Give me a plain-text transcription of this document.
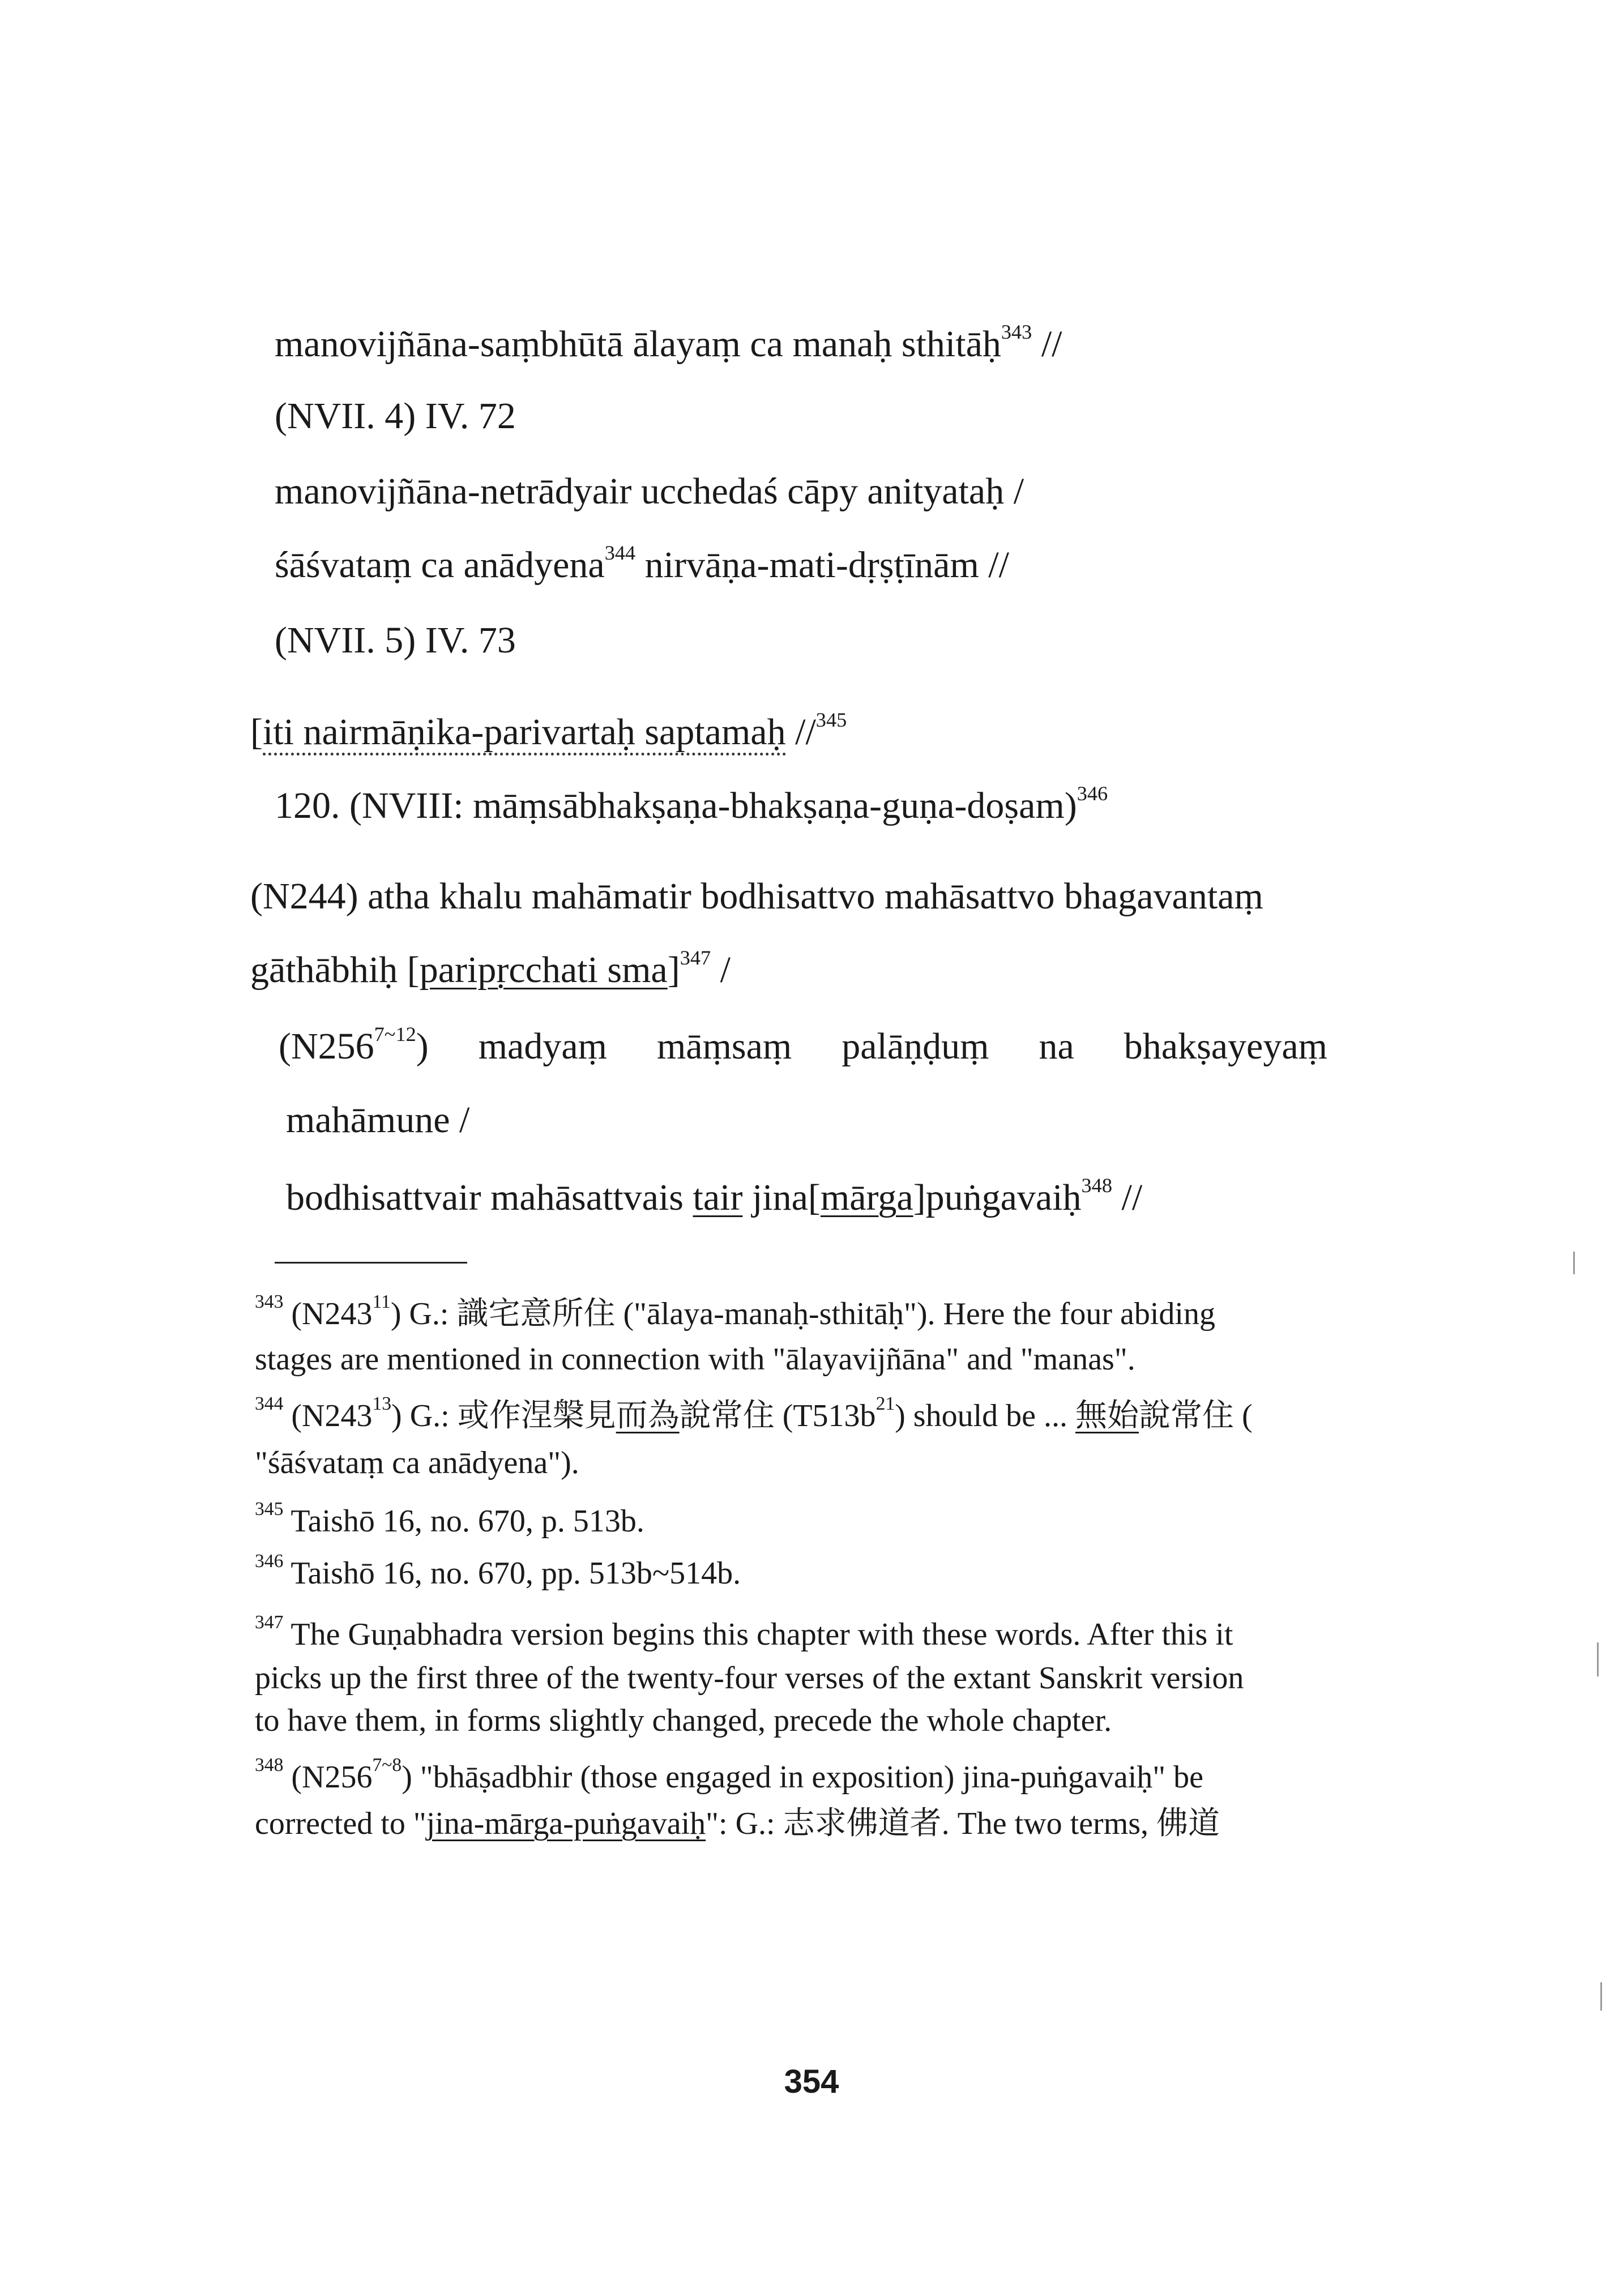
manovijñāna-saṃbhūtā ālayaṃ ca manaḥ sthitāḥ$^{343}$ //
(NVII. 4) IV. 72
manovijñāna-netrādyair ucchedaś cāpy anityataḥ /
śāśvataṃ ca anādyena$^{344}$ nirvāṇa-mati-dṛṣṭīnām //
(NVII. 5) IV. 73
[iti nairmāṇika-parivartaḥ saptamaḥ //$^{345}$
120. (NVIII: māṃsābhakṣaṇa-bhakṣaṇa-guṇa-doṣam)$^{346}$
(N244) atha khalu mahāmatir bodhisattvo mahāsattvo bhagavantaṃ
gāthābhiḥ [paripṛcchati sma]$^{347}$ /
$(N256^{7\sim 12})$ madyaṃ māṃsaṃ palāṇḍuṃ na bhakṣayeyaṃ
mahāmune /
bodhisattvair mahāsattvais tair jina[mārga]puṅgavaiḥ$^{348}$ //
$^{343}$ $(N243^{11})$ G.: 識宅意所住 ("ālaya-manaḥ-sthitāḥ"). Here the four abiding
stages are mentioned in connection with "ālayavijñāna" and "manas".
$^{344}$ $(N243^{13})$ G.: 或作涅槃見而為說常住 $(T513b^{21})$ should be ... 無始說常住 (
"śāśvataṃ ca anādyena").
$^{345}$ Taishō 16, no. 670, p. 513b.
$^{346}$ Taishō 16, no. 670, pp. 513b~514b.
$^{347}$ The Guṇabhadra version begins this chapter with these words. After this it
picks up the first three of the twenty-four verses of the extant Sanskrit version
to have them, in forms slightly changed, precede the whole chapter.
$^{348}$ $(N256^{7\sim 8})$ "bhāṣadbhir (those engaged in exposition) jina-puṅgavaiḥ" be
corrected to "jina-mārga-puṅgavaiḥ": G.: 志求佛道者. The two terms, 佛道
354
